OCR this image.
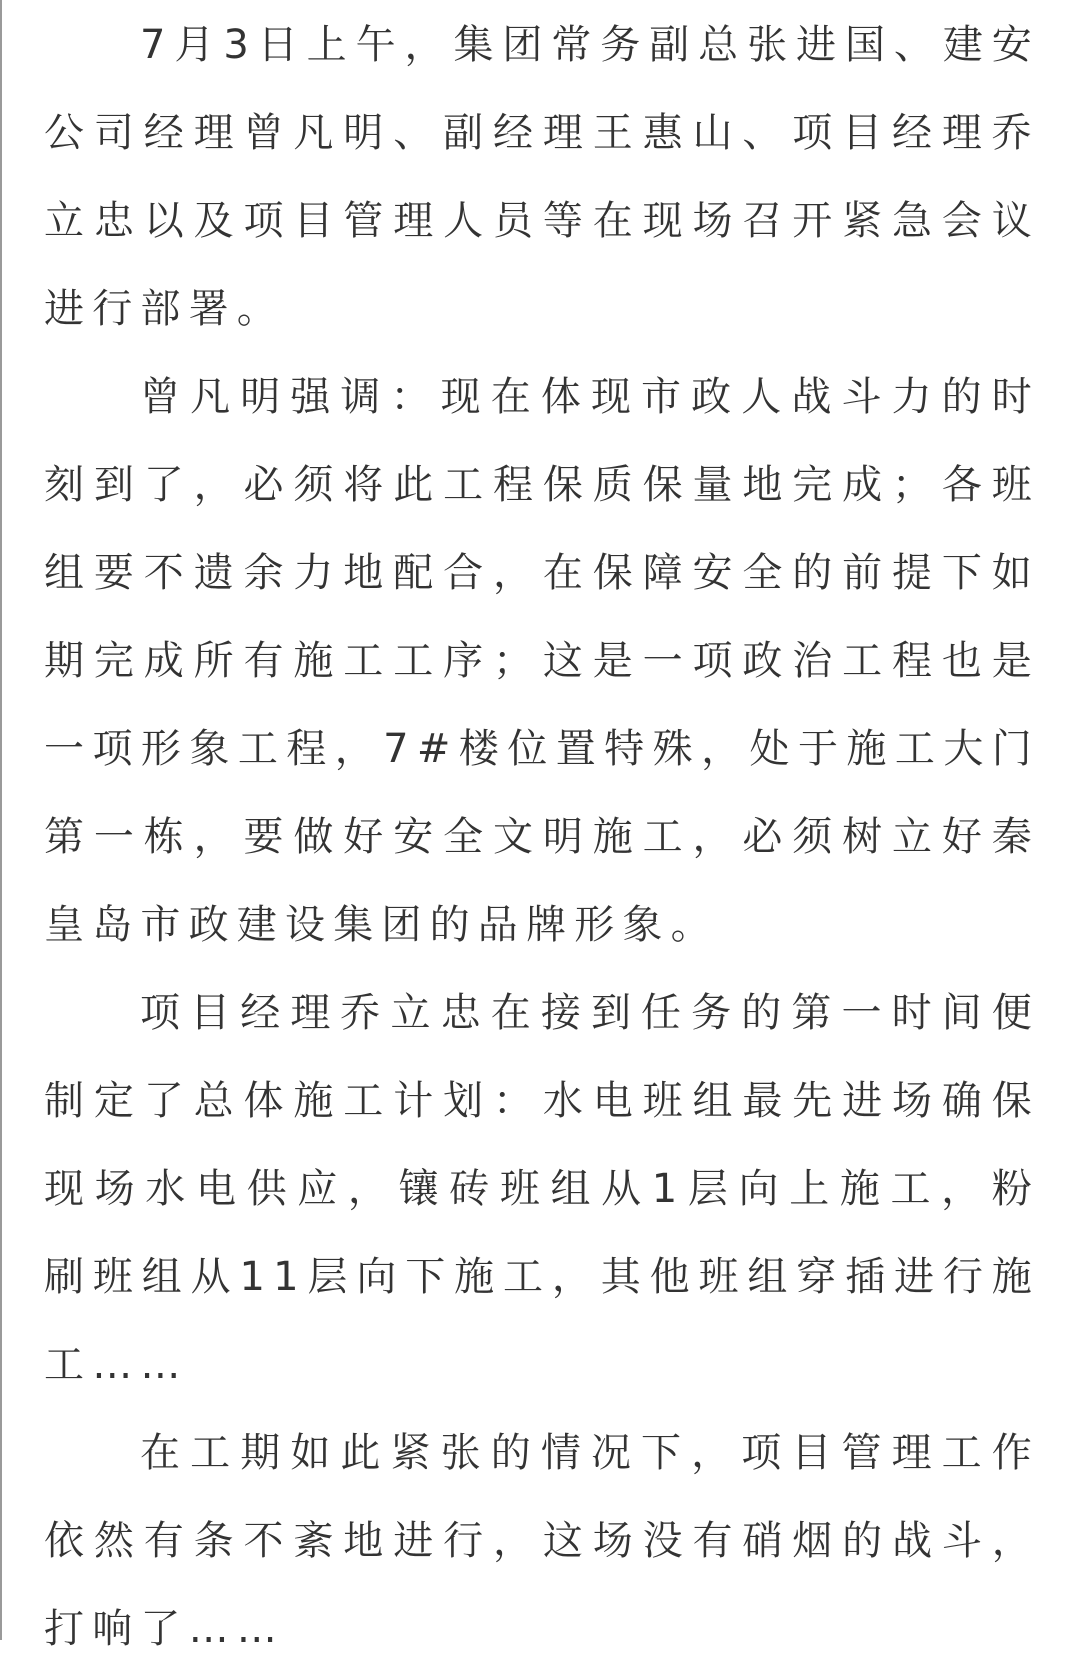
7月3日上午，集团常务副总张进国、建安公司经理曾凡明、副经理王惠山、项目经理乔立忠以及项目管理人员等在现场召开紧急会议进行部署。

曾凡明强调：现在体现市政人战斗力的时刻到了，必须将此工程保质保量地完成；各班组要不遗余力地配合，在保障安全的前提下如期完成所有施工工序；这是一项政治工程也是一项形象工程，7#楼位置特殊，处于施工大门第一栋，要做好安全文明施工，必须树立好秦皇岛市政建设集团的品牌形象。

项目经理乔立忠在接到任务的第一时间便制定了总体施工计划：水电班组最先进场确保现场水电供应，镶砖班组从1层向上施工，粉刷班组从11层向下施工，其他班组穿插进行施工……

在工期如此紧张的情况下，项目管理工作依然有条不紊地进行，这场没有硝烟的战斗，打响了……
